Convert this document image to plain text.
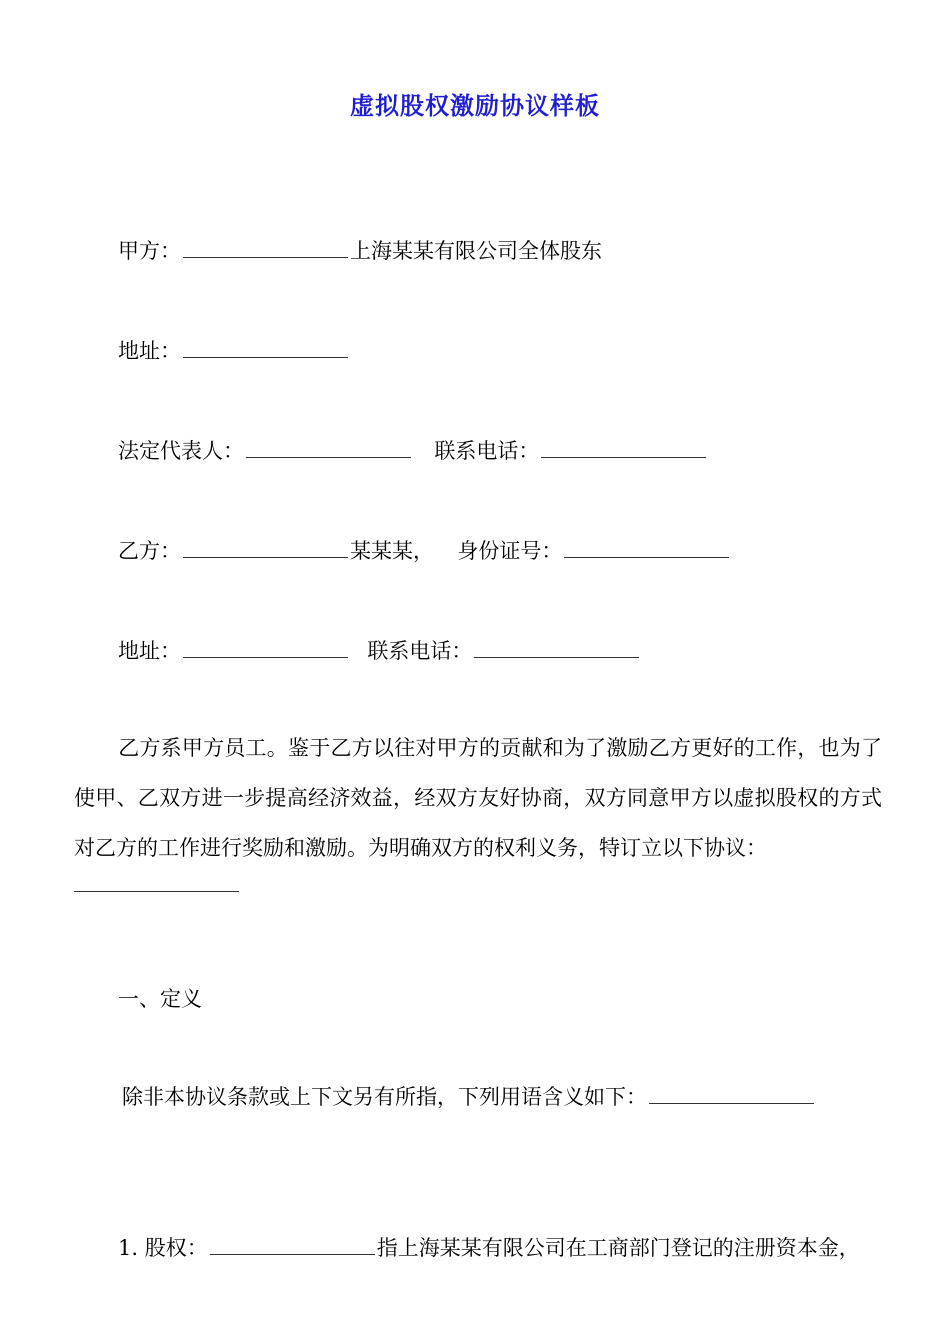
虚拟股权激励协议样板
甲方：	上海某某有限公司全体股东
地址：
法定代表人：	联系电话：
乙方：	某某某， 身份证号：
地址：	联系电话：
乙方系甲方员工。鉴于乙方以往对甲方的贡献和为了激励乙方更好的工作，也为了使甲、乙双方进一步提高经济效益，经双方友好协商，双方同意甲方以虚拟股权的方式对乙方的工作进行奖励和激励。为明确双方的权利义务，特订立以下协议：
一、定义
除非本协议条款或上下文另有所指，下列用语含义如下：
1. 股权：	指上海某某有限公司在工商部门登记的注册资本金，
